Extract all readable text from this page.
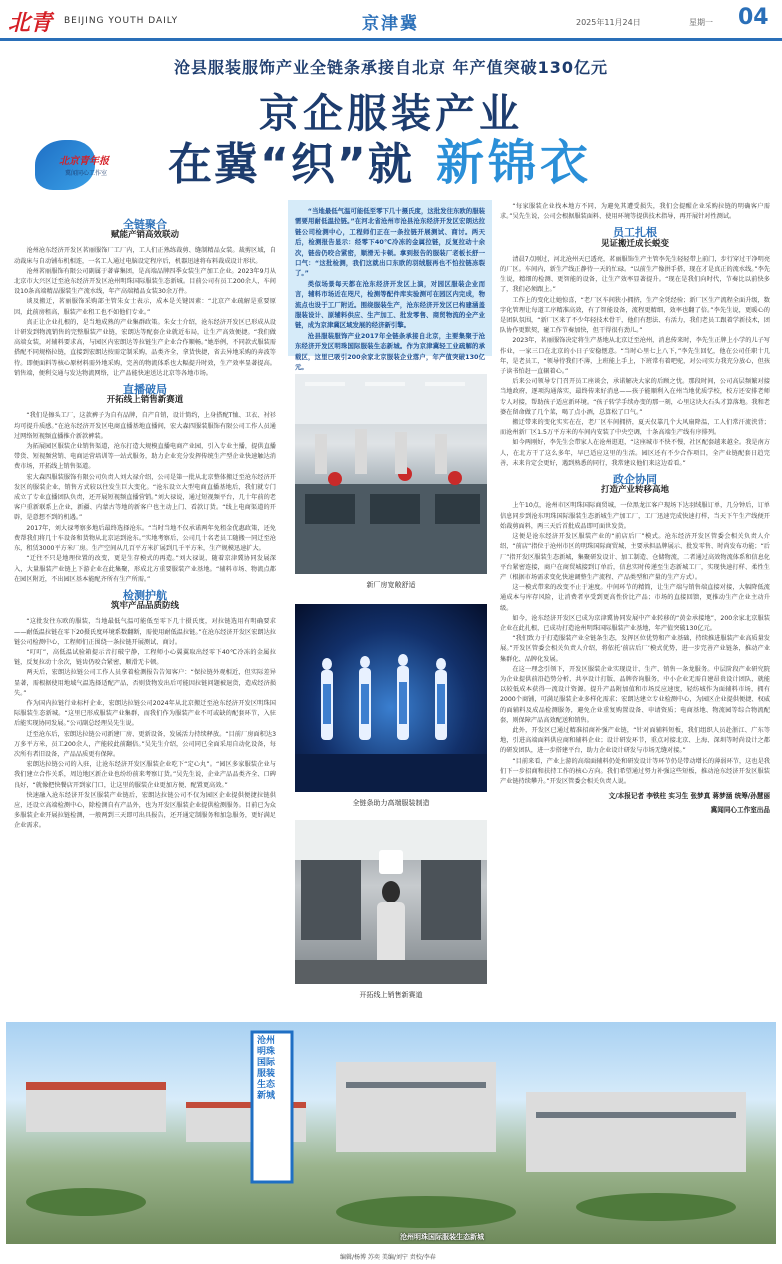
北青 BEIJING YOUTH DAILY	京津冀	2025年11月24日	星期一 04
沧县服装服饰产业全链条承接自北京 年产值突破130亿元
京企服装产业
在冀“织”就 新锦衣
北京青年报
冀闻同心工作室
全链聚合
赋能产销高效联动

沧州沧东经济开发区茗丽服饰厂工厂内，工人们正熟练裁剪、缝制精品女装。裁剪区域，自动裁床与自动铺布机相连，一名工人通过电脑设定程序后，机器迅速将布料裁成设计形状。

沧州茗丽服饰有限公司副属于著睿集团，是高端品牌四季女装生产加工企业。2023年9月从北京市大兴区迁至沧东经济开发区沧州明珠国际服装生态新城。目前公司有员工200余人，车间设10条高端精品服装生产流水线，年产高端精品女装30余万件。

谈及搬迁，茗丽服饰采购部主管朱女士表示，成本是关键因素：“北京产业疏解是重要原因，此前房租高，服装产业租工也不如他们专业。”

真正让企业扎根的，是当地成熟的产业集群政策。朱女士介绍，沧东经济开发区已形成从设计研发到物流销售的完整服装产业链，宏朗达等配套企业就近布局，让生产高效便捷。“我们做高端女装，对辅料要求高，与园区内宏朗达等拉链生产企业合作顺畅。”她举例，不同款式服装需搭配不同规格拉链，直接到宏朗达按需定制采购，品类齐全，拿货快捷，省去异地采购的奔波等待。即便面料等核心原材料需外地采购，完善的物流体系也大幅提升时效，生产效率显著提高。销售端，便利交通与发达物流网络，让产品能快速送达北京等各地市场。

直播破局
开拓线上销售新赛道

“我们是擦头工厂，这款裤子为自有品牌，自产自销，设计简约，上身搭配T恤、卫衣、衬衫均可提升质感。”在沧东经济开发区电商直播基地直播间，宏大森四服装服饰有限公司工作人员通过网络短视频直播推介新款裤装。

为拓展园区服装企业销售渠道，沧东打造大规模直播电商产业园，引入专业主播，提供直播带货、短视频营销、电商运营培训等一站式服务，助力企业充分发挥传统生产型企业快速触达消费市场，开拓线上销售渠道。

宏大森四服装服饰有限公司负责人刘大禄介绍，公司是第一批从北京整体搬迁至沧东经济开发区的服装企业，销售方式较以往发生巨大变化。“沧东设立大型电商直播基地后，我们就专门成立了专业直播团队负责，还开展短视频直播营销。”刘大禄说，通过短视频平台，几十年前的老客户重新联系上企业，新疆、内蒙古等地的新客户也主动上门、看款订货。“线上电商渠道的开辟，是意想不到的机遇。”

2017年，刘大禄考察多地后最终选择沧东。“当时当地不仅承诺两年免租金优惠政策，还免费帮我们将几十车设备和货物从北京运到沧东。”实地考察后，公司几十名老员工随搬一同迁至沧东，租赁3000平方米厂房。生产空间从几百平方米扩展到几千平方米，生产规模迅速扩大。

“迁往不只是地理位置的改变，更是生存模式的再造。”刘大禄说，随着京津冀协同发展深入，大量服装产业链上下游企业在此集聚，形成北方重要服装产业基地。“辅料市场、物流点都在园区附近，不出园区基本能配齐所有生产所需。”

检测护航
筑牢产品品质防线

“这批发往东欧的服装，当地最低气温可能低至零下几十摄氏度，对拉链选用有明确要求——耐低温拉链在零下20摄氏度环境系数翻断，需使用耐低温拉链。”在沧东经济开发区宏朗达拉链公司检测中心，工程师们正围绕一条拉链开展测试、商讨。

“叮叮”，高低温试验箱提示音打破宁静，工程师小心翼翼取出经零下40℃冷冻的金属拉链，反复拉动十余次，链齿仍咬合紧密，顺滑无卡顿。

两天后，宏朗达拉链公司工作人员拿着检测报告告知客户：“保拉链外观相近，但实际差异显著，需根据使用地域气温选择适配产品，否则货物发出后可能因拉链问题被退货，造成经济损失。”

作为国内拉链行业标杆企业，宏朗达拉链公司2024年从北京搬迁至沧东经济开发区明珠国际服装生态新城。“这里已形成服装产业集群，而我们作为服装产业不可或缺的配套环节，入驻后能实现协同发展。”公司副总经理吴先生说。

迁至沧东后，宏朗达拉链公司新建厂房、更新设备，发展活力持续释放。“目前厂房面积达3万多平方米，员工200余人，产能较此前翻倍。”吴先生介绍，公司同已全面采用自动化设备，每次所有者旧设备，产品品质更有保障。

宏朗达拉链公司的入驻，让沧东经济开发区服装企业吃下“定心丸”。“园区多家服装企业与我们建立合作关系，周边地区新企业也纷纷前来考察订货。”吴先生说，企业产品品类齐全、口碑良好，“就像把快餐店开到家门口，让这里的服装企业更加方便、配置更高效。”

快速融入沧东经济开发区服装产业链后，宏朗达拉链公司不仅为园区企业提供便捷拉链供应，还设立高端检测中心，除检测自有产品外，也为开发区服装企业提供检测服务。目前已为众多服装企业开展拉链检测，一般两到三天即可出具报告，还开通定制服务和加急服务，更好满足企业需求。

“当地最低气温可能低至零下几十摄氏度，这批发往东欧的服装需要用耐低温拉链。”在河北省沧州市沧县沧东经济开发区宏朗达拉链公司检测中心，工程师们正在一条拉链开展测试、商讨。两天后，检测报告显示：经零下40℃冷冻的金属拉链，反复拉动十余次，链齿仍咬合紧密，顺滑无卡顿。拿到报告的服装厂老板长舒一口气：“这批检测，我们这就出口东欧的羽绒服再也不怕拉链冻裂了。”

类似场景每天都在沧东经济开发区上演，对园区服装企业而言，辅料市场近在咫尺，检测等配件库实验测可在园区内完成，物流点也设于工厂附近。围绕服装生产，沧东经济开发区已构建涵盖服装设计、原辅料供应、生产加工、批发零售、商贸物流的全产业链，成为京津冀区域发展的经济新引擎。

沧县服装服饰产业2017年全链条承接自北京，主要集聚于沧东经济开发区明珠国际服装生态新城。作为京津冀轻工业疏解的承载区，这里已吸引200余家北京服装企业落户，年产值突破130亿元。

新厂房宽敞舒适
全链条助力高端服装制造
开拓线上销售新赛道

“每家服装企业找本地方不同，为避免其遭受损失，我们会提醒企业采购拉链的明确客户需求。”吴先生说，公司会根据服装面料、使用环境等提供技术指导，再开展针对性测试。

员工扎根
见证搬迁成长蜕变

清晨7点刚过，河北沧州天已透亮，茗丽服饰生产主管李先生轻轻带上前门，步行穿过干净明亮的厂区。车间内，新生产线正静待一天的忙碌。“以前生产像拼手搭，现在才是真正的流水线。”李先生说，精细的检测、更智能的设备，让生产效率显著提升。“现在是我们向时代，节奏比以前快多了，我们必须跟上。”

工作上的变化让她惊喜，“老厂区车间狭小拥挤，生产全凭经验；新厂区生产流程全面升级，数字化管理让每道工序精准高效，有了智能设备，流程更精细，效率也翻了倍。”李先生说，更暖心的是团队氛围，“新厂区来了不少年轻技术骨干，他们有想法、有活力，我们老员工跟着学新技术，团队协作更默契，碰工作节奏加快，但干得很有劲儿。”

2023年，茗丽服饰决定将生产基地从北京迁至沧州，消息传来时，李先生正牌上小学的儿子写作业，一家三口在北京的小日子安稳惬意。“当时心里七上八下，”李先生回忆，他在公司任职十几年，是老员工，“领导待我们不薄，上班能上手上，下班常有着吧驼，对公司实力我充分放心，但孩子读书怕赶一直辗着心。”

后来公司领导专门召开员工座谈会，承诺解决大家的后顾之忧。那段时间，公司高层频繁对接当地政府，逐项沟通落实，最终传来好消息——孩子能顺利入在州当地优质学校，校方还安排老师专人对接，帮助孩子适应新环境。“孩子转学手续办变的那一刻，心里这块大石头才算落地。我和老婆在留命做了几个菜，喝了点小酒，总算松了口气。”

搬迁带来的变化实实在在，老厂区车间拥挤，夏天仅靠几个大风扇降温，工人们常汗流浃背；而沧州新厂区1.5万平方米的车间内安装了中央空调，十条高端生产线有序排列。

如今两刚好，李先生会带家人在沧州逛逛，“这座城市不快不慢，社区配套越来越全。我是南方人，在北方干了这么多年，早已适应这里的生活。园区还有不少合作项目，全产业链配套日趋完善，未来肯定会更好，遇到熟悉的同行，我常建议他们来这边看看。”

政企协同
打造产业转移高地

上午10点，沧州市区明珠国际商贸城，一位黑龙江客户现场下达羽绒服订单，几分钟后，订单信息同步到沧东明珠国际服装生态新城生产加工厂，工厂迅速完成快速打样，当天下午生产线便开始裁剪面料，两三天后首批成品即可面世发货。

这便是沧东经济开发区服装产业的“前店后厂”模式。沧东经济开发区管委会相关负责人介绍，“前店”指位于沧州市区的明珠国际商贸城，主要承担品牌展示、批发零售、时尚发布功能；“后厂”指开发区服装生态新城，集聚研发设计、加工制造、仓储物流，二者通过高效物流体系和信息化平台紧密连接，商户在商贸城接到订单后，信息实时传递至生态新城工厂，实现快速打样、柔性生产（根据市场需求变化快速调整生产流程、产品类型和产量的生产方式）。

这一模式带来的改变不止于速度。中间环节的精简，让生产端与销售端直接对接，大幅降低流通成本与库存风险，让消费者享受到更高性价比产品；市场的直接回馈，更推动生产企业主动升级。

如今，沧东经济开发区已成为京津冀协同发展中产业转移的“黄金承接地”，200余家北京服装企业在此扎根，已成功打造沧州明珠国际服装产业基地，年产值突破130亿元。

“我们致力于打造服装产业全链条生态，发挥区位优势和产业基础，持续推进服装产业高质量发展。”开发区管委会相关负责人介绍，将依托‘前店后厂’模式优势，进一步完善产业链条，推动产业集群化、品牌化发展。

在这一理念引领下，开发区服装企业实现设计、生产、销售一条龙服务。中层阶段产业研究院为企业提供前沿趋势分析、共享设计打版、品牌咨询服务，中小企业无需自建昂贵设计团队，就能以较低成本获得一流设计资源。提升产品附加值和市场反应速度，轻纺城作为面辅料市场，拥有2000个商铺，可满足服装企业多样化需求；宏朗达建立专业检测中心，为园区企业提供便捷、权威的面辅料及成品检测服务，避免企业重复购置设备、申请资质；电商基地、物流园等综合物流配套，则保障产品高效配送和销售。

此外，开发区已通过精准招商补强产业链，“针对面辅料短板，我们组织人员赴浙江、广东等地，引进高端面料供应商和辅料企业；设计研发环节，重点对接北京、上海、深圳等时尚设计之都的研发团队，进一步搭建平台，助力企业设计研发与市场无缝对接。”

“目前来看，产业上游的高端面辅料仍处和研发设计等环节仍是带动增长的薄弱环节，这也是我们下一步招商和扶持工作的核心方向。我们希望通过努力补强这些短板，推动沧东经济开发区服装产业链持续攀升。”开发区管委会相关负责人说。

文/本报记者 李铁柱 实习生 张梦真 蒋梦涵 统筹/孙慧丽
冀闻同心工作室出品
沧州明珠国际服装生态新城
沧州明珠国际服装生态新城
编辑/杨博 苏奕 美编/刘宁 责校/李春
